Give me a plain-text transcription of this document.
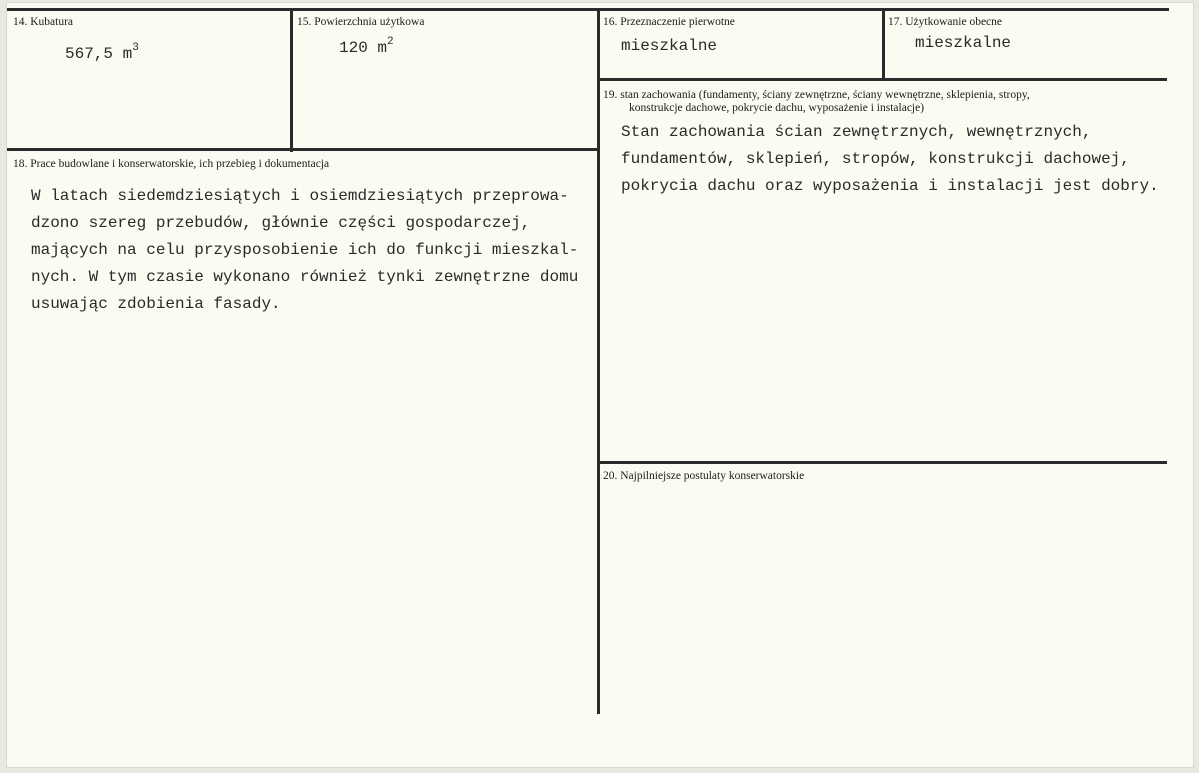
14. Kubatura
567,5 $m^3$
15. Powierzchnia użytkowa
120 $m^2$
16. Przeznaczenie pierwotne
mieszkalne
17. Użytkowanie obecne
mieszkalne
18. Prace budowlane i konserwatorskie, ich przebieg i dokumentacja
W latach siedemdziesiątych i osiemdziesiątych przeprowa-
dzono szereg przebudów, głównie części gospodarczej,
mających na celu przysposobienie ich do funkcji mieszkal-
nych. W tym czasie wykonano również tynki zewnętrzne domu
usuwając zdobienia fasady.
19. stan zachowania (fundamenty, ściany zewnętrzne, ściany wewnętrzne, sklepienia, stropy,
konstrukcje dachowe, pokrycie dachu, wyposażenie i instalacje)
Stan zachowania ścian zewnętrznych, wewnętrznych,
fundamentów, sklepień, stropów, konstrukcji dachowej,
pokrycia dachu oraz wyposażenia i instalacji jest dobry.
20. Najpilniejsze postulaty konserwatorskie
